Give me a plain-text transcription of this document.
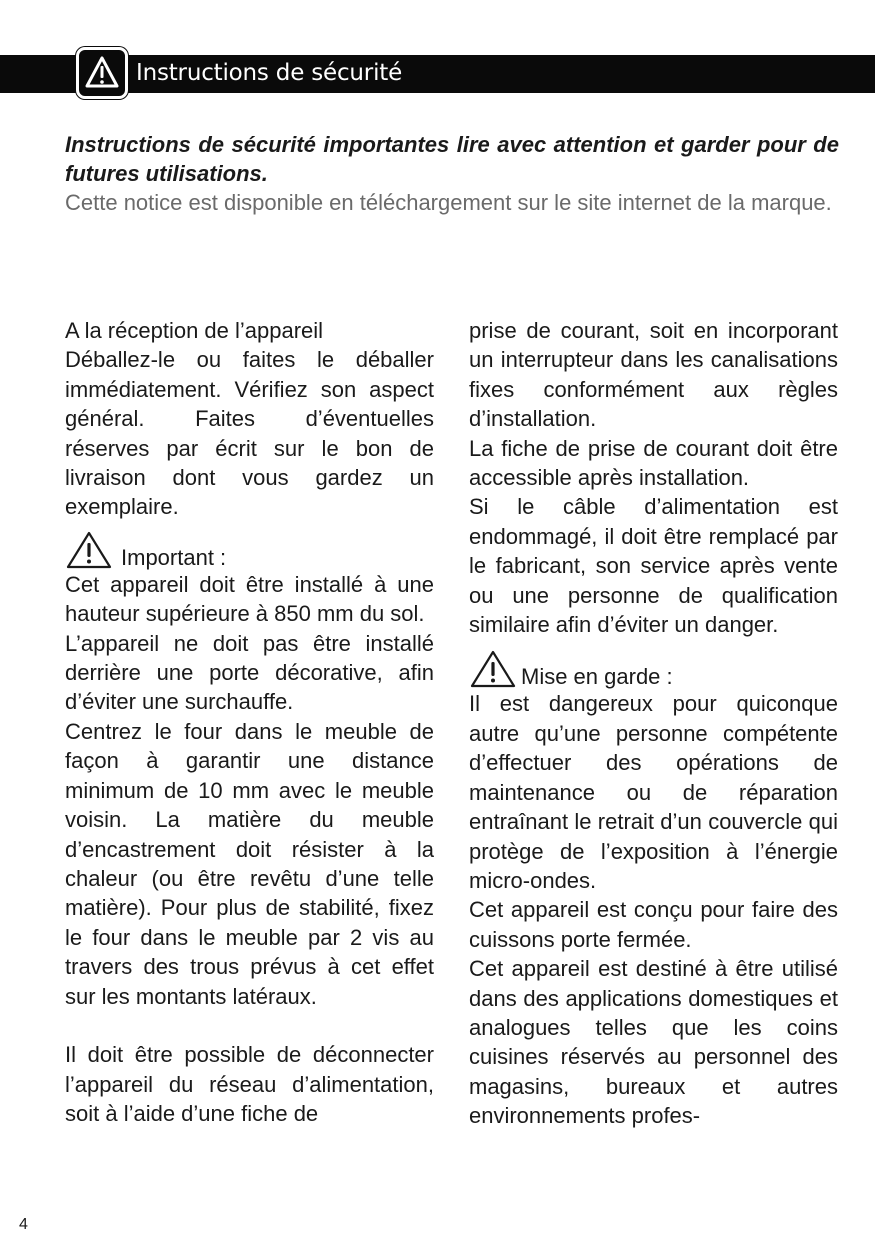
Instructions de sécurité

Instructions de sécurité importantes lire avec attention et garder pour de futures utilisations.

Cette notice est disponible en téléchargement sur le site internet de la marque.

A la réception de l’appareil

Déballez-le ou faites le déballer immédiatement. Vérifiez son aspect général. Faites d’éventuelles réserves par écrit sur le bon de livraison dont vous gardez un exemplaire.

Important :

Cet appareil doit être installé à une hauteur supérieure à 850 mm du sol.

L’appareil ne doit pas être installé derrière une porte décorative, afin d’éviter une surchauffe.

Centrez le four dans le meuble de façon à garantir une distance minimum de 10 mm avec le meuble voisin. La matière du meuble d’encastrement doit résister à la chaleur (ou être revêtu d’une telle matière). Pour plus de stabilité, fixez le four dans le meuble par 2 vis au travers des trous prévus à cet effet sur les montants latéraux.

Il doit être possible de déconnecter l’appareil du réseau d’alimentation, soit à l’aide d’une fiche de

prise de courant, soit en incorporant un interrupteur dans les canalisations fixes conformément aux règles d’installation.

La fiche de prise de courant doit être accessible après installation.

Si le câble d’alimentation est endommagé, il doit être remplacé par le fabricant, son service après vente ou une personne de qualification similaire afin d’éviter un danger.

Mise en garde :

Il est dangereux pour quiconque autre qu’une personne compétente d’effectuer des opérations de maintenance ou de réparation entraînant le retrait d’un couvercle qui protège de l’exposition à l’énergie micro-ondes.

Cet appareil est conçu pour faire des cuissons porte fermée.

Cet appareil est destiné à être utilisé dans des applications domestiques et analogues telles que les coins cuisines réservés au personnel des magasins, bureaux et autres environnements profes-

4
